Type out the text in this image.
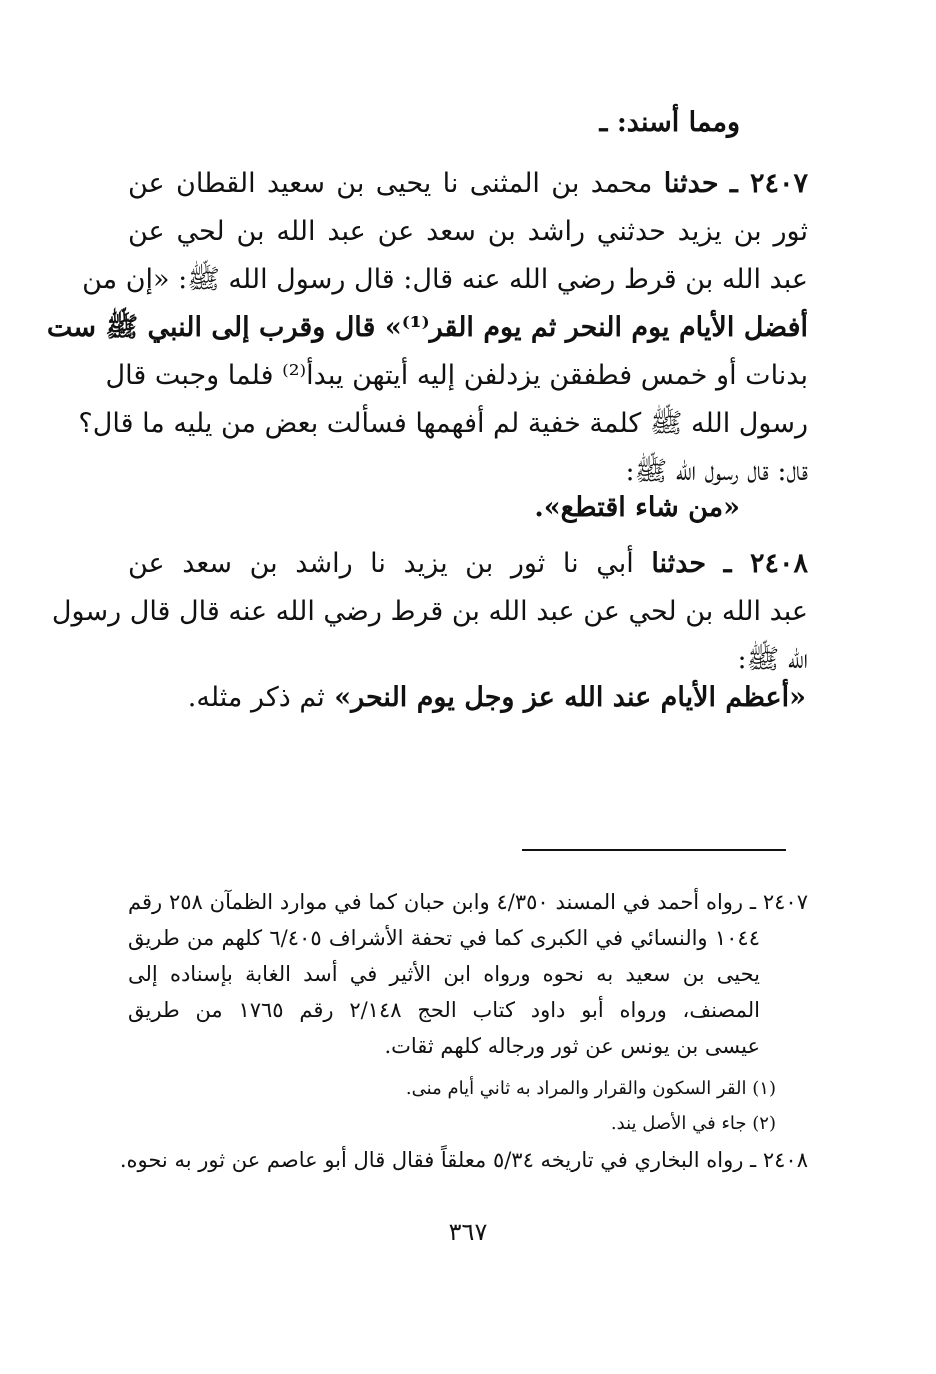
ومما أسند: ـ
٢٤٠٧ ـ حدثنا محمد بن المثنى نا يحيى بن سعيد القطان عن
ثور بن يزيد حدثني راشد بن سعد عن عبد الله بن لحي عن
عبد الله بن قرط رضي الله عنه قال: قال رسول الله ﷺ: «إن من
أفضل الأيام يوم النحر ثم يوم القر⁽¹⁾» قال وقرب إلى النبي ﷺ ست
بدنات أو خمس فطفقن يزدلفن إليه أيتهن يبدأ⁽²⁾ فلما وجبت قال
رسول الله ﷺ كلمة خفية لم أفهمها فسألت بعض من يليه ما قال؟
قال: قال رسول الله ﷺ:
«من شاء اقتطع».
٢٤٠٨ ـ حدثنا أبي نا ثور بن يزيد نا راشد بن سعد عن
عبد الله بن لحي عن عبد الله بن قرط رضي الله عنه قال قال رسول
الله ﷺ:
«أعظم الأيام عند الله عز وجل يوم النحر» ثم ذكر مثله.
٢٤٠٧ ـ رواه أحمد في المسند ٤/٣٥٠ وابن حبان كما في موارد الظمآن ٢٥٨ رقم
١٠٤٤ والنسائي في الكبرى كما في تحفة الأشراف ٦/٤٠٥ كلهم من طريق
يحيى بن سعيد به نحوه ورواه ابن الأثير في أسد الغابة بإسناده إلى
المصنف، ورواه أبو داود كتاب الحج ٢/١٤٨ رقم ١٧٦٥ من طريق
عيسى بن يونس عن ثور ورجاله كلهم ثقات.
(١) القر السكون والقرار والمراد به ثاني أيام منى.
(٢) جاء في الأصل يند.
٢٤٠٨ ـ رواه البخاري في تاريخه ٥/٣٤ معلقاً فقال قال أبو عاصم عن ثور به نحوه.
٣٦٧
